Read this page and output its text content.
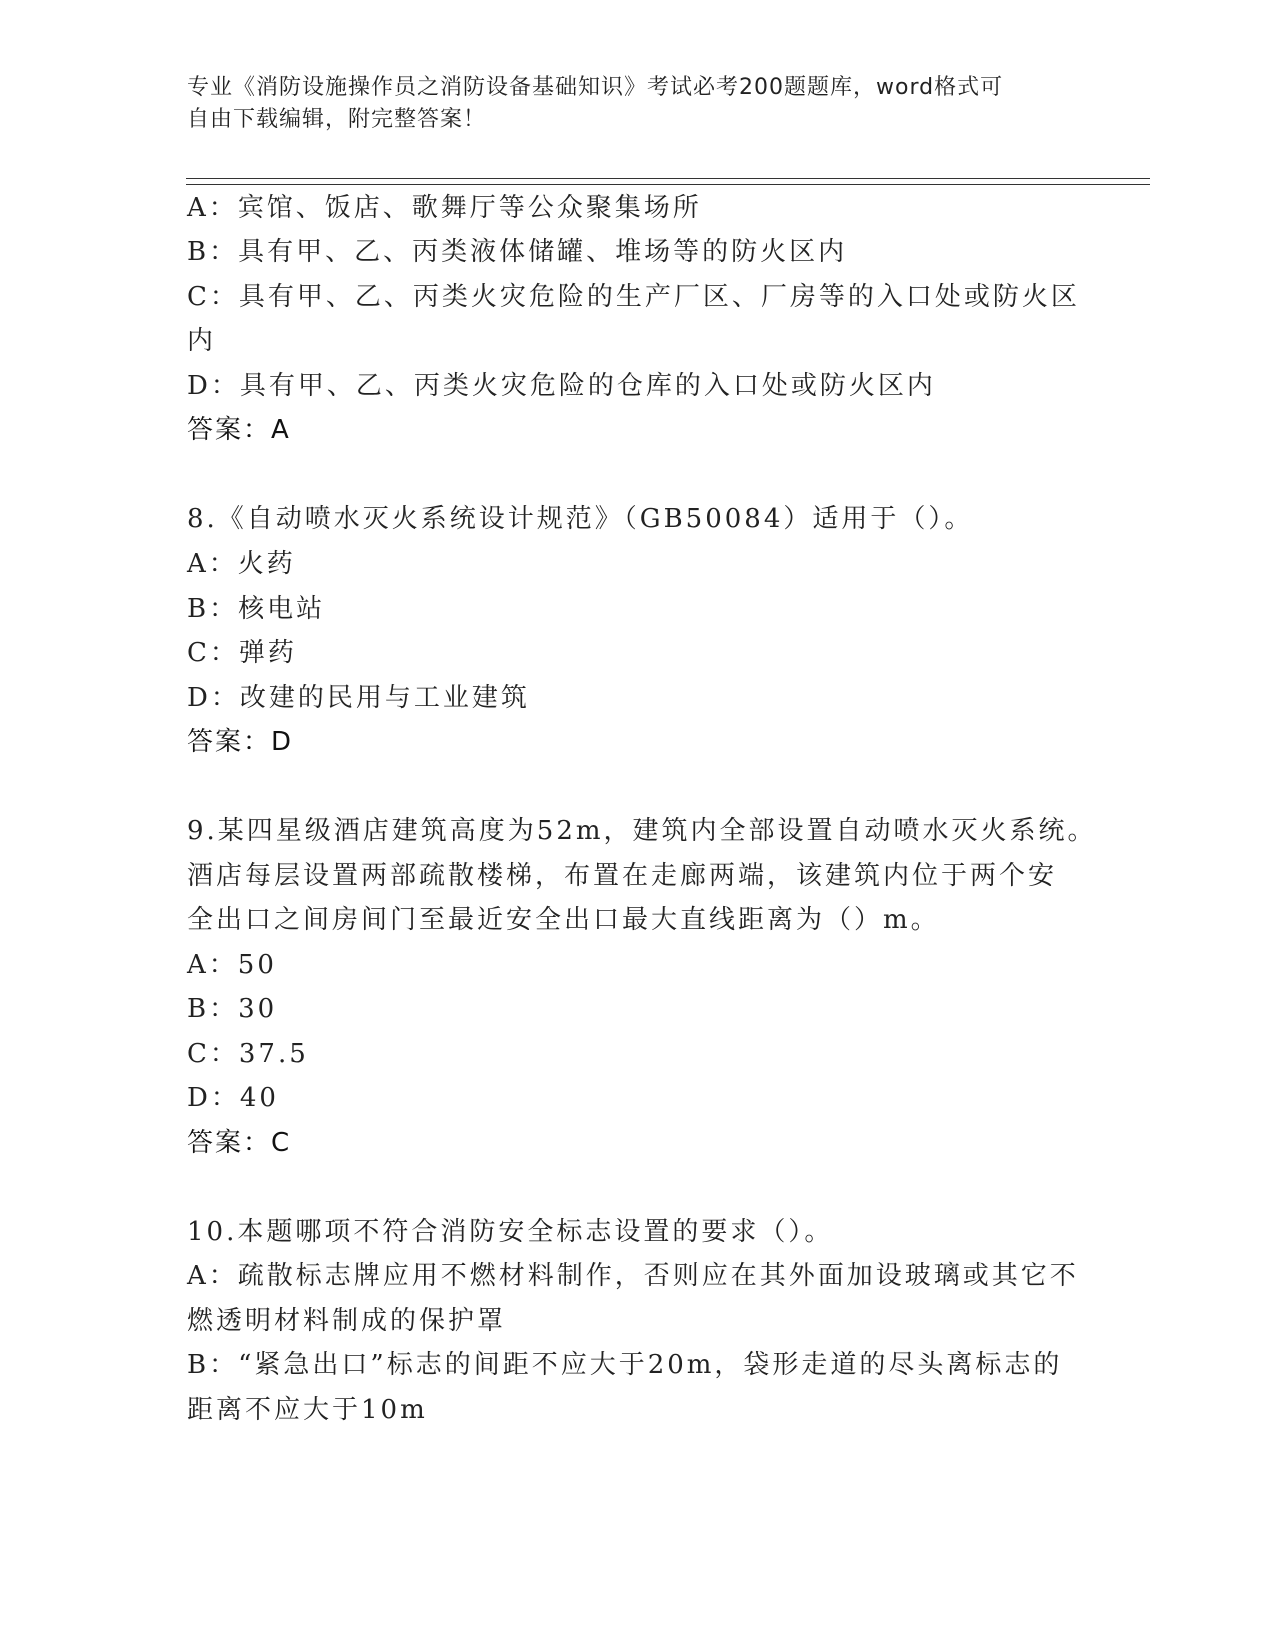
专业《消防设施操作员之消防设备基础知识》考试必考200题题库，word格式可
自由下载编辑，附完整答案！
A：宾馆、饭店、歌舞厅等公众聚集场所
B：具有甲、乙、丙类液体储罐、堆场等的防火区内
C：具有甲、乙、丙类火灾危险的生产厂区、厂房等的入口处或防火区
内
D：具有甲、乙、丙类火灾危险的仓库的入口处或防火区内
答案：A
8.《自动喷水灭火系统设计规范》（GB50084）适用于（）。
A：火药
B：核电站
C：弹药
D：改建的民用与工业建筑
答案：D
9.某四星级酒店建筑高度为52m，建筑内全部设置自动喷水灭火系统。
酒店每层设置两部疏散楼梯，布置在走廊两端，该建筑内位于两个安
全出口之间房间门至最近安全出口最大直线距离为（）m。
A：50
B：30
C：37.5
D：40
答案：C
10.本题哪项不符合消防安全标志设置的要求（）。
A：疏散标志牌应用不燃材料制作，否则应在其外面加设玻璃或其它不
燃透明材料制成的保护罩
B：“紧急出口”标志的间距不应大于20m，袋形走道的尽头离标志的
距离不应大于10m
